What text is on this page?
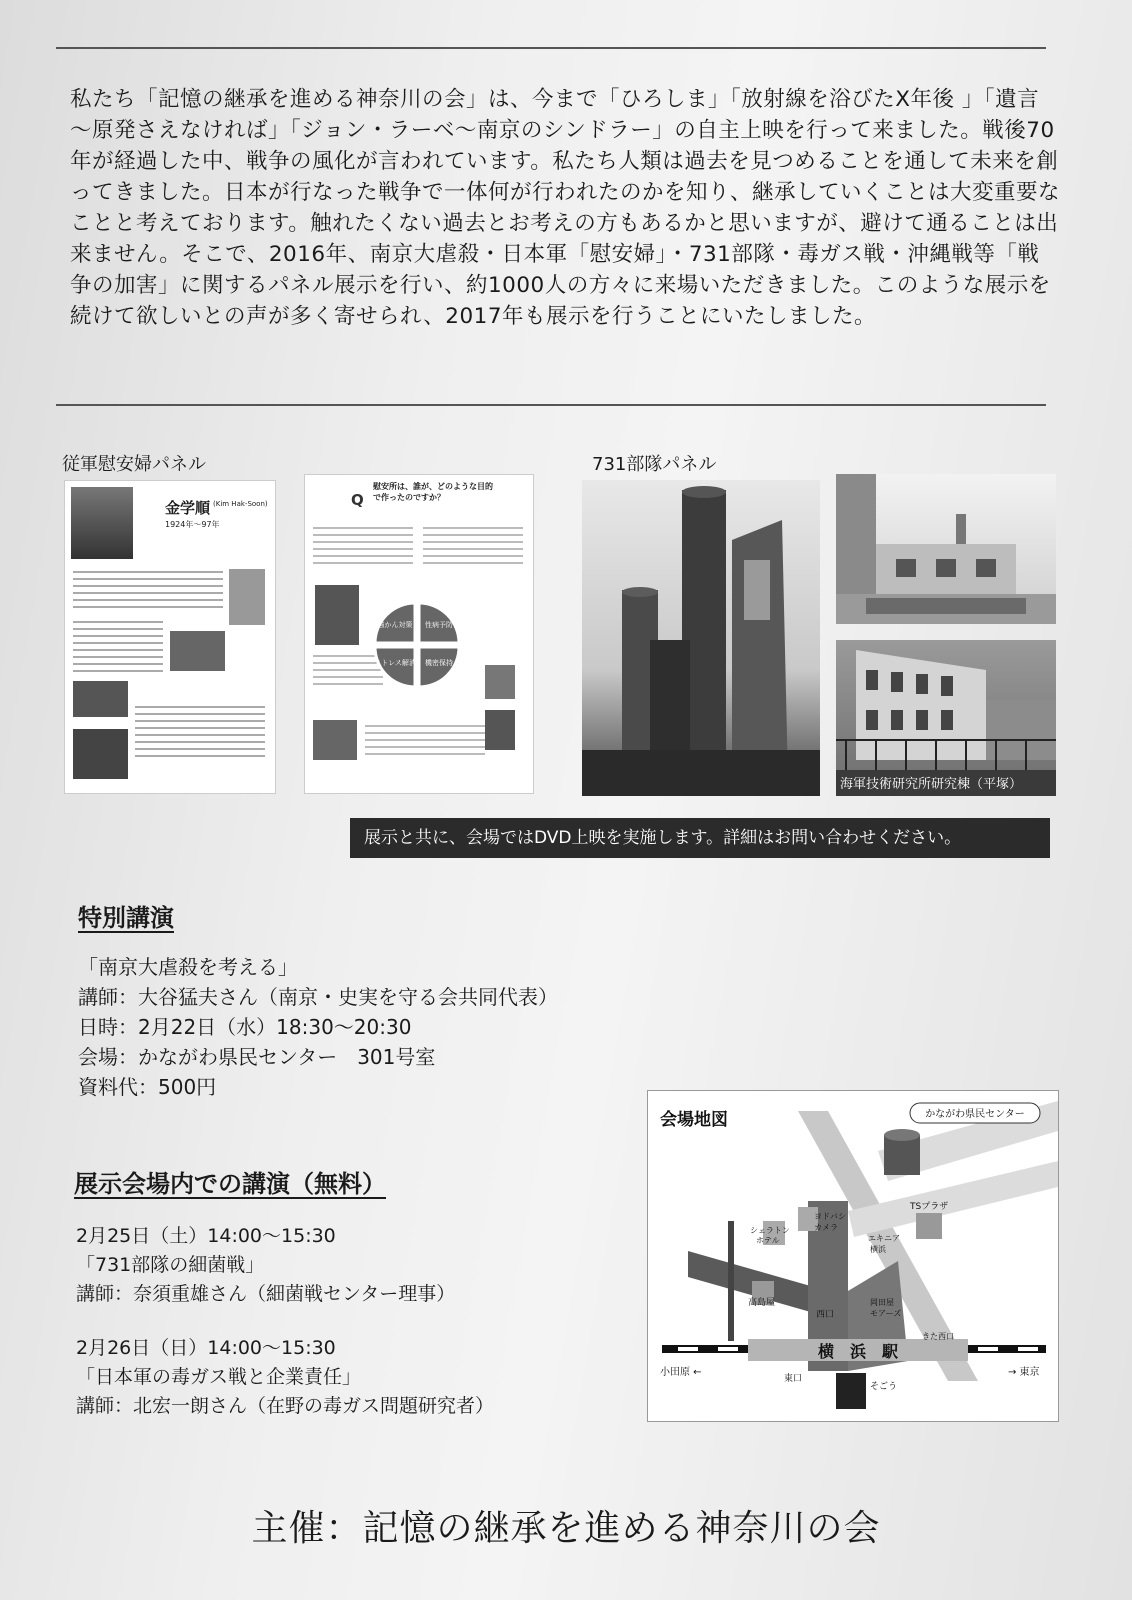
私たち「記憶の継承を進める神奈川の会」は、今まで「ひろしま」「放射線を浴びたX年後 」「遺言～原発さえなければ」「ジョン・ラーベ～南京のシンドラー」の自主上映を行って来ました。戦後70年が経過した中、戦争の風化が言われています。私たち人類は過去を見つめることを通して未来を創ってきました。日本が行なった戦争で一体何が行われたのかを知り、継承していくことは大変重要なことと考えております。触れたくない過去とお考えの方もあるかと思いますが、避けて通ることは出来ません。そこで、2016年、南京大虐殺・日本軍「慰安婦」・731部隊・毒ガス戦・沖縄戦等「戦争の加害」に関するパネル展示を行い、約1000人の方々に来場いただきました。このような展示を続けて欲しいとの声が多く寄せられ、2017年も展示を行うことにいたしました。
従軍慰安婦パネル	731部隊パネル
金学順 (Kim Hak-Soon)
1924年～97年
Q
慰安所は、誰が、どのような目的で作ったのですか？
強かん対策 性病予防
ストレス解消 機密保持
海軍技術研究所研究棟（平塚）
展示と共に、会場ではDVD上映を実施します。詳細はお問い合わせください。
特別講演
「南京大虐殺を考える」
講師：大谷猛夫さん（南京・史実を守る会共同代表）
日時：2月22日（水）18:30～20:30
会場：かながわ県民センター　301号室
資料代：500円
展示会場内での講演（無料）
2月25日（土）14:00～15:30
「731部隊の細菌戦」
講師：奈須重雄さん（細菌戦センター理事）
2月26日（日）14:00～15:30
「日本軍の毒ガス戦と企業責任」
講師：北宏一朗さん（在野の毒ガス問題研究者）
会場地図
横　浜　駅
小田原 ←	→ 東京
かながわ県民センター
TSプラザ
ヨドバシ
カメラ
シェラトン
ホテル	エキニア
横浜
高島屋	岡田屋
モアーズ
西口
きた西口
東口
そごう
主催：記憶の継承を進める神奈川の会
